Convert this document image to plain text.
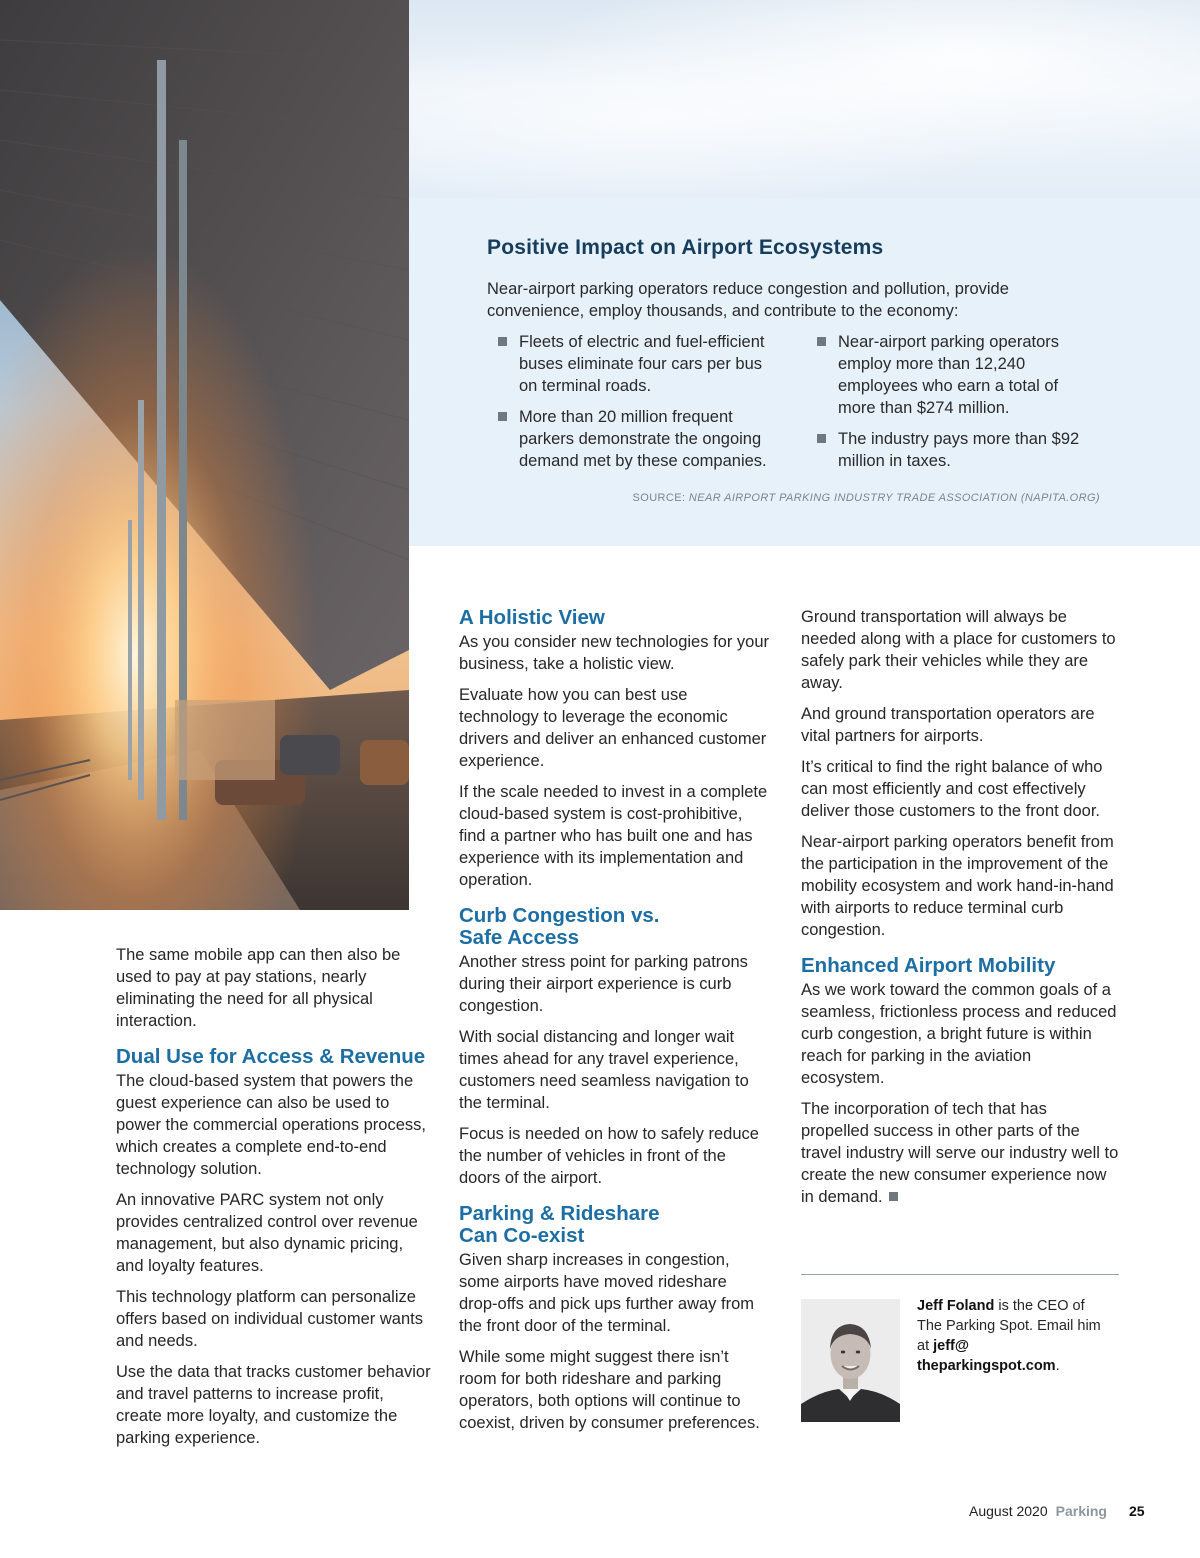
Positive Impact on Airport Ecosystems
Near-airport parking operators reduce congestion and pollution, provide convenience, employ thousands, and contribute to the economy:
Fleets of electric and fuel-efficient buses eliminate four cars per bus on terminal roads.
More than 20 million frequent parkers demonstrate the ongoing demand met by these companies.
Near-airport parking operators employ more than 12,240 employees who earn a total of more than $274 million.
The industry pays more than $92 million in taxes.
SOURCE: NEAR AIRPORT PARKING INDUSTRY TRADE ASSOCIATION (NAPITA.ORG)

The same mobile app can then also be used to pay at pay stations, nearly eliminating the need for all physical interaction.

Dual Use for Access & Revenue

The cloud-based system that powers the guest experience can also be used to power the commercial operations process, which creates a complete end-to-end technology solution.

An innovative PARC system not only provides centralized control over revenue management, but also dynamic pricing, and loyalty features.

This technology platform can personalize offers based on individual customer wants and needs.

Use the data that tracks customer behavior and travel patterns to increase profit, create more loyalty, and customize the parking experience.

A Holistic View

As you consider new technologies for your business, take a holistic view.

Evaluate how you can best use technology to leverage the economic drivers and deliver an enhanced customer experience.

If the scale needed to invest in a complete cloud-based system is cost-prohibitive, find a partner who has built one and has experience with its implementation and operation.

Curb Congestion vs.
Safe Access

Another stress point for parking patrons during their airport experience is curb congestion.

With social distancing and longer wait times ahead for any travel experience, customers need seamless navigation to the terminal.

Focus is needed on how to safely reduce the number of vehicles in front of the doors of the airport.

Parking & Rideshare
Can Co-exist

Given sharp increases in congestion, some airports have moved rideshare drop-offs and pick ups further away from the front door of the terminal.

While some might suggest there isn’t room for both rideshare and parking operators, both options will continue to coexist, driven by consumer preferences.

Ground transportation will always be needed along with a place for customers to safely park their vehicles while they are away.

And ground transportation operators are vital partners for airports.

It’s critical to find the right balance of who can most efficiently and cost effectively deliver those customers to the front door.

Near-airport parking operators benefit from the participation in the improvement of the mobility ecosystem and work hand-in-hand with airports to reduce terminal curb congestion.

Enhanced Airport Mobility

As we work toward the common goals of a seamless, frictionless process and reduced curb congestion, a bright future is within reach for parking in the aviation ecosystem.

The incorporation of tech that has propelled success in other parts of the travel industry will serve our industry well to create the new consumer experience now in demand.

Jeff Foland is the CEO of The Parking Spot. Email him at jeff@ theparkingspot.com.
August 2020 Parking 25
